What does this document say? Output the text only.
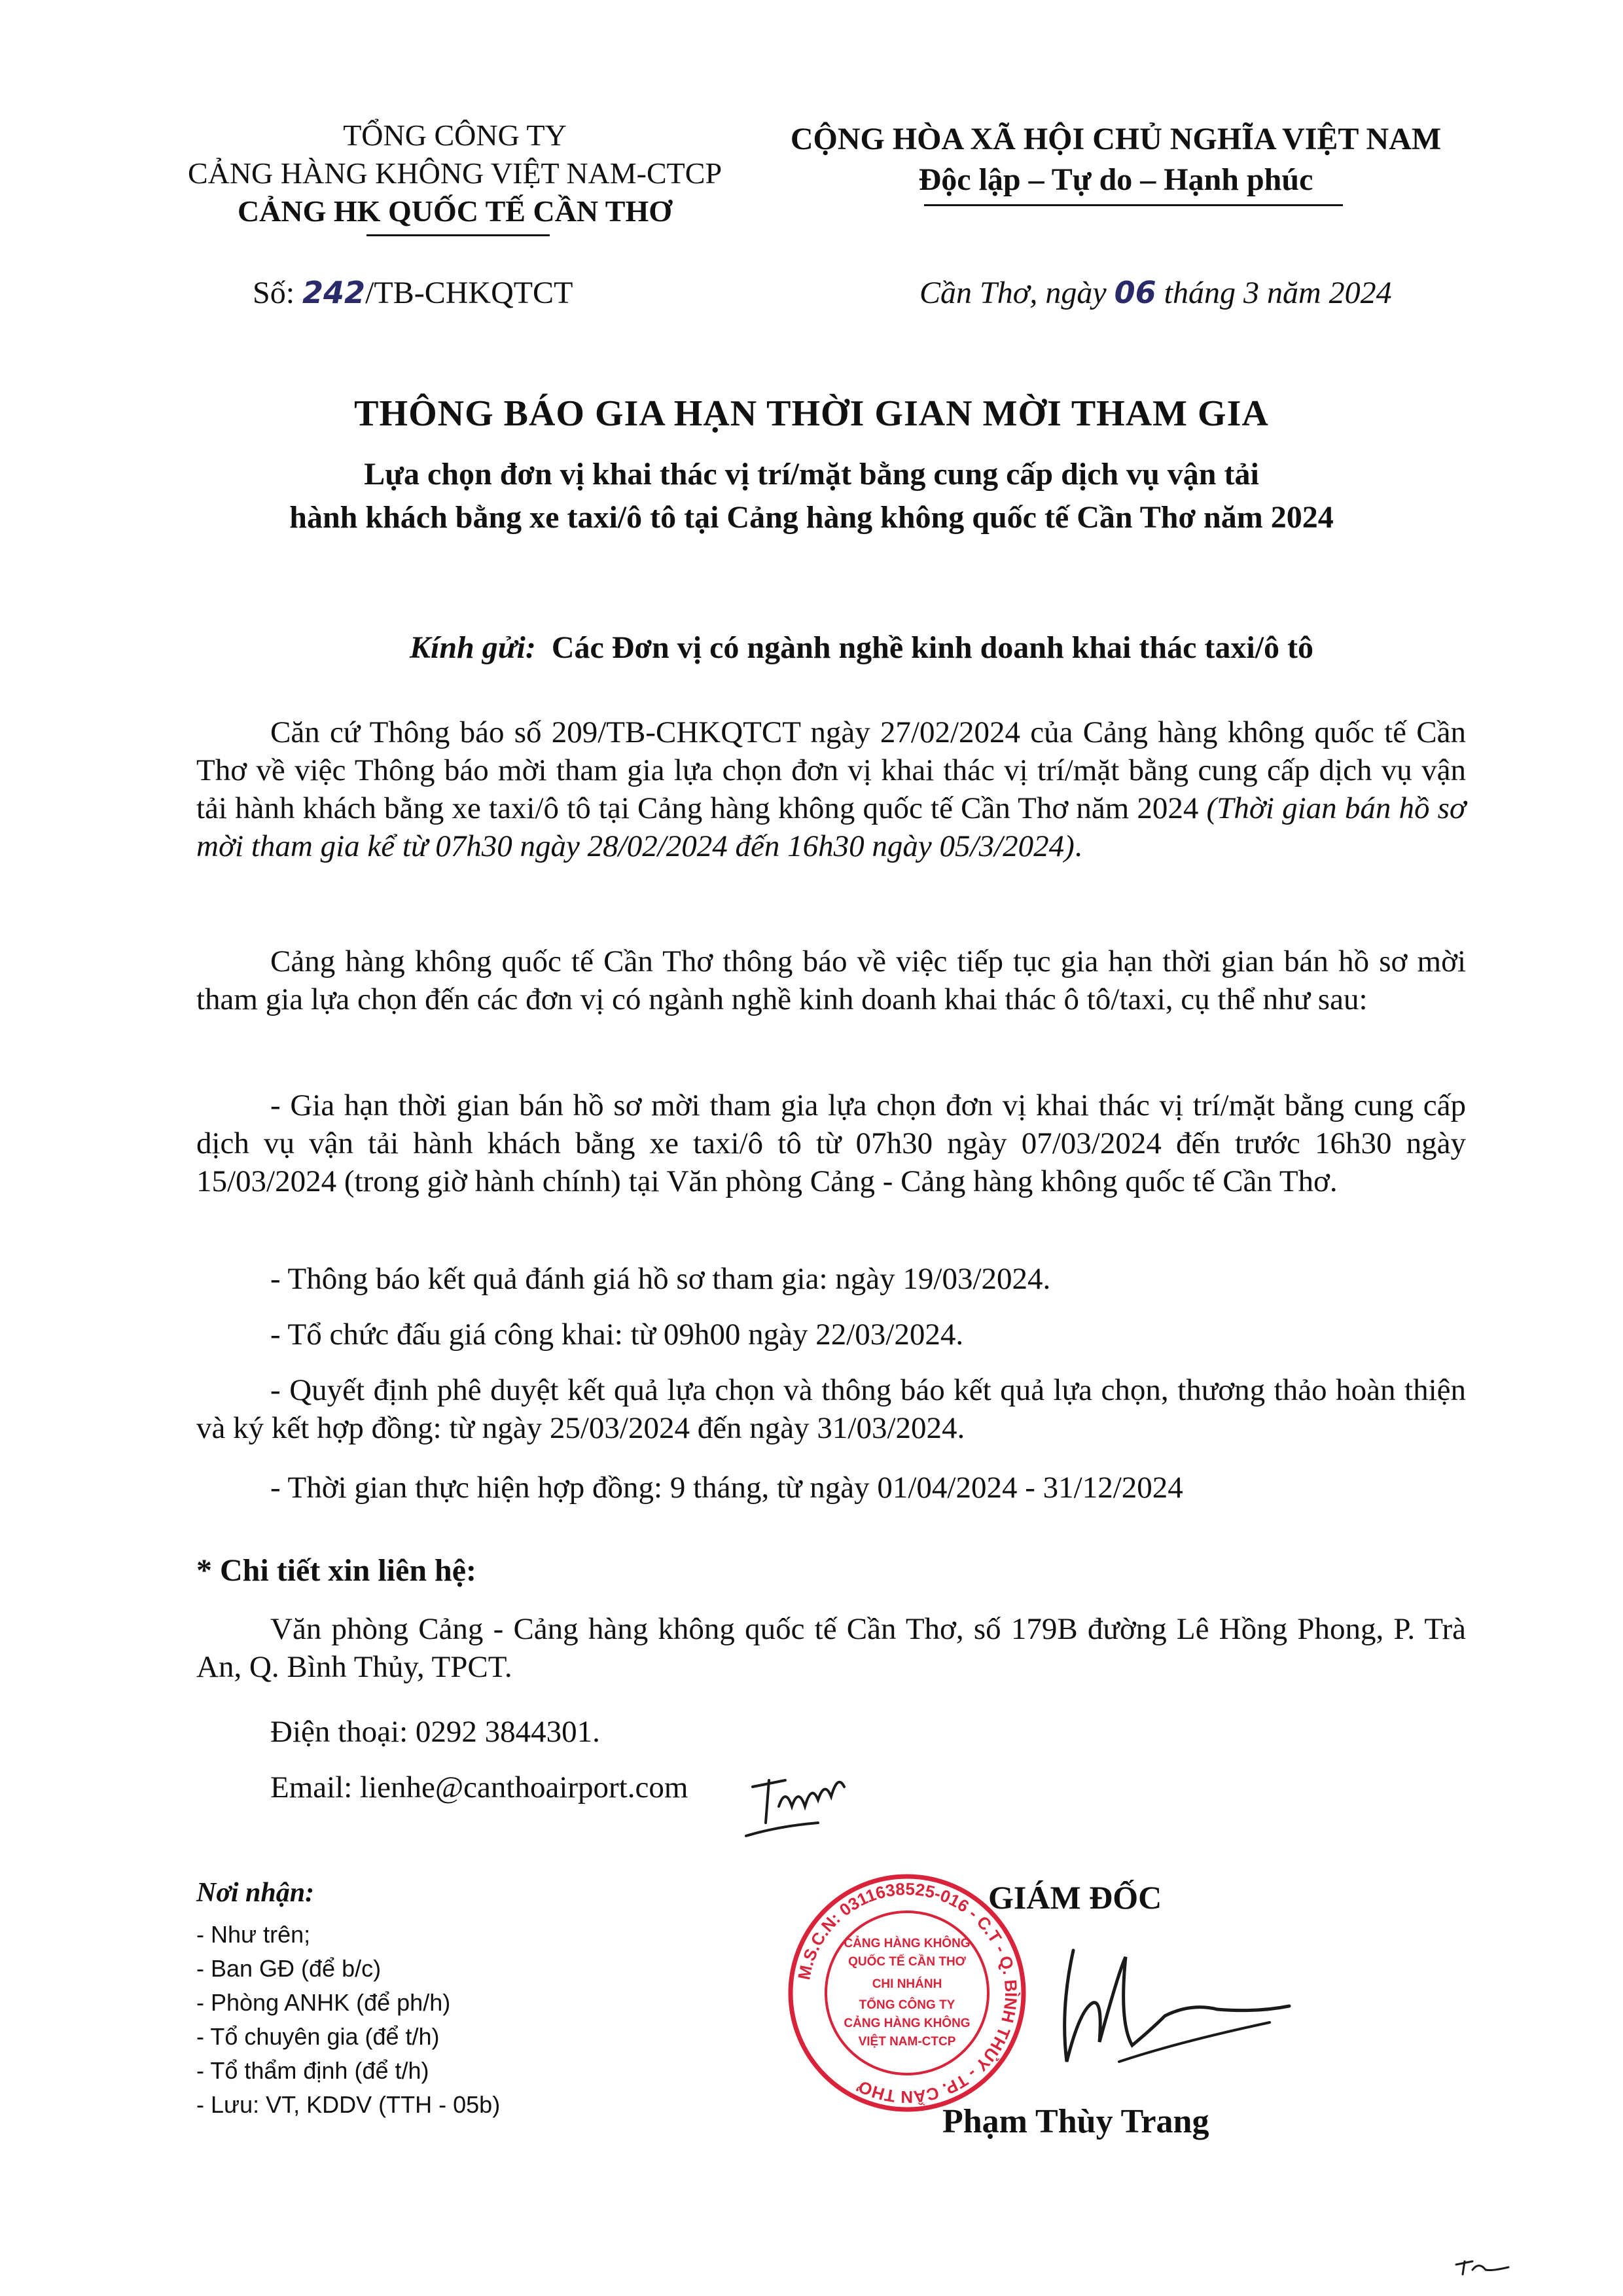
TỔNG CÔNG TY
CẢNG HÀNG KHÔNG VIỆT NAM-CTCP
CẢNG HK QUỐC TẾ CẦN THƠ
CỘNG HÒA XÃ HỘI CHỦ NGHĨA VIỆT NAM
Độc lập – Tự do – Hạnh phúc
Số: 242/TB-CHKQTCT	Cần Thơ, ngày 06 tháng 3 năm 2024
THÔNG BÁO GIA HẠN THỜI GIAN MỜI THAM GIA
Lựa chọn đơn vị khai thác vị trí/mặt bằng cung cấp dịch vụ vận tải
hành khách bằng xe taxi/ô tô tại Cảng hàng không quốc tế Cần Thơ năm 2024
Kính gửi: Các Đơn vị có ngành nghề kinh doanh khai thác taxi/ô tô

Căn cứ Thông báo số 209/TB-CHKQTCT ngày 27/02/2024 của Cảng hàng không quốc tế Cần Thơ về việc Thông báo mời tham gia lựa chọn đơn vị khai thác vị trí/mặt bằng cung cấp dịch vụ vận tải hành khách bằng xe taxi/ô tô tại Cảng hàng không quốc tế Cần Thơ năm 2024 (Thời gian bán hồ sơ mời tham gia kể từ 07h30 ngày 28/02/2024 đến 16h30 ngày 05/3/2024).

Cảng hàng không quốc tế Cần Thơ thông báo về việc tiếp tục gia hạn thời gian bán hồ sơ mời tham gia lựa chọn đến các đơn vị có ngành nghề kinh doanh khai thác ô tô/taxi, cụ thể như sau:

- Gia hạn thời gian bán hồ sơ mời tham gia lựa chọn đơn vị khai thác vị trí/mặt bằng cung cấp dịch vụ vận tải hành khách bằng xe taxi/ô tô từ 07h30 ngày 07/03/2024 đến trước 16h30 ngày 15/03/2024 (trong giờ hành chính) tại Văn phòng Cảng - Cảng hàng không quốc tế Cần Thơ.

- Thông báo kết quả đánh giá hồ sơ tham gia: ngày 19/03/2024.

- Tổ chức đấu giá công khai: từ 09h00 ngày 22/03/2024.

- Quyết định phê duyệt kết quả lựa chọn và thông báo kết quả lựa chọn, thương thảo hoàn thiện và ký kết hợp đồng: từ ngày 25/03/2024 đến ngày 31/03/2024.

- Thời gian thực hiện hợp đồng: 9 tháng, từ ngày 01/04/2024 - 31/12/2024

* Chi tiết xin liên hệ:

Văn phòng Cảng - Cảng hàng không quốc tế Cần Thơ, số 179B đường Lê Hồng Phong, P. Trà An, Q. Bình Thủy, TPCT.

Điện thoại: 0292 3844301.

Email: lienhe@canthoairport.com

Nơi nhận:
- Như trên;
- Ban GĐ (để b/c)
- Phòng ANHK (để ph/h)
- Tổ chuyên gia (để t/h)
- Tổ thẩm định (để t/h)
- Lưu: VT, KDDV (TTH - 05b)
GIÁM ĐỐC
M.S.C.N: 0311638525-016 - C.T - Q. BÌNH THỦY - TP. CẦN THƠ
CẢNG HÀNG KHÔNG
QUỐC TẾ CẦN THƠ
CHI NHÁNH
TỔNG CÔNG TY
CẢNG HÀNG KHÔNG
VIỆT NAM-CTCP
Phạm Thùy Trang
